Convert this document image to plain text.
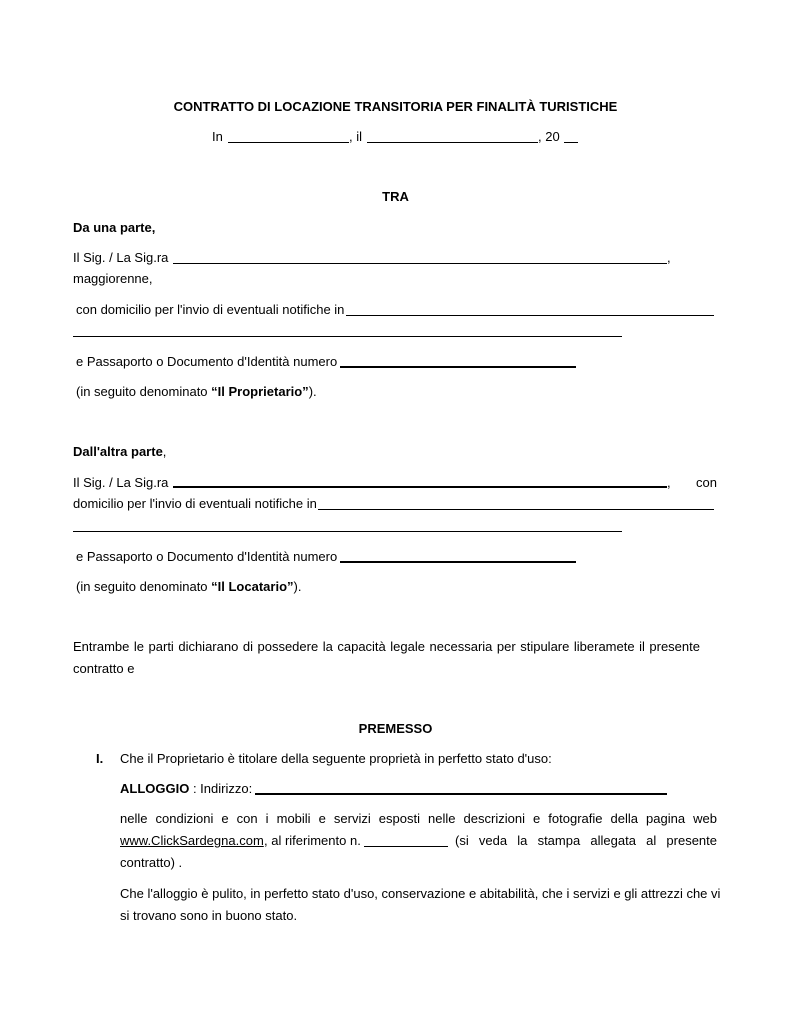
CONTRATTO DI LOCAZIONE TRANSITORIA PER FINALITÀ TURISTICHE
In	, il	, 20
TRA
Da una parte,
Il Sig. / La Sig.ra	,
maggiorenne,
con domicilio per l'invio di eventuali notifiche in
e Passaporto o Documento d'Identità numero
(in seguito denominato “Il Proprietario”).
Dall'altra parte,
Il Sig. / La Sig.ra	, con
domicilio per l'invio di eventuali notifiche in
e Passaporto o Documento d'Identità numero
(in seguito denominato “Il Locatario”).
Entrambe le parti dichiarano di possedere la capacità legale necessaria per stipulare liberamete il presente
contratto e
PREMESSO
I. Che il Proprietario è titolare della seguente proprietà in perfetto stato d'uso:
ALLOGGIO : Indirizzo:
nelle condizioni e con i mobili e servizi esposti nelle descrizioni e fotografie della pagina web
www.ClickSardegna.com , al riferimento n.	(si veda la stampa allegata al presente
contratto) .
Che l'alloggio è pulito, in perfetto stato d'uso, conservazione e abitabilità, che i servizi e gli attrezzi che vi
si trovano sono in buono stato.
